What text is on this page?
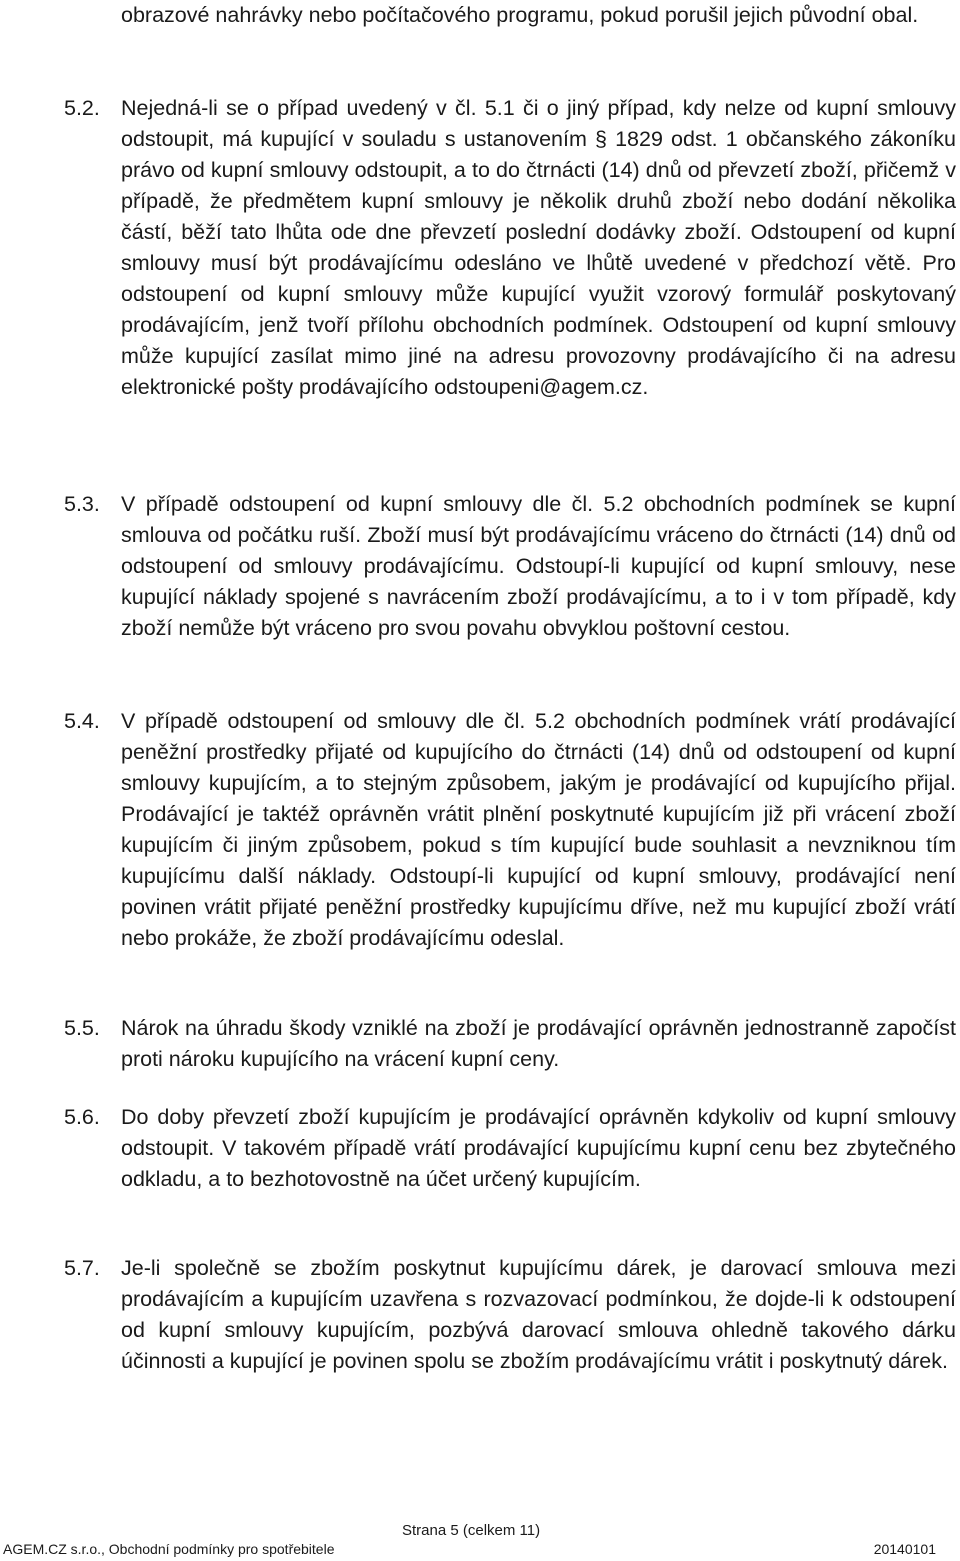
obrazové nahrávky nebo počítačového programu, pokud porušil jejich původní obal.
5.2. Nejedná-li se o případ uvedený v čl. 5.1 či o jiný případ, kdy nelze od kupní smlouvy odstoupit, má kupující v souladu s ustanovením § 1829 odst. 1 občanského zákoníku právo od kupní smlouvy odstoupit, a to do čtrnácti (14) dnů od převzetí zboží, přičemž v případě, že předmětem kupní smlouvy je několik druhů zboží nebo dodání několika částí, běží tato lhůta ode dne převzetí poslední dodávky zboží. Odstoupení od kupní smlouvy musí být prodávajícímu odesláno ve lhůtě uvedené v předchozí větě. Pro odstoupení od kupní smlouvy může kupující využit vzorový formulář poskytovaný prodávajícím, jenž tvoří přílohu obchodních podmínek. Odstoupení od kupní smlouvy může kupující zasílat mimo jiné na adresu provozovny prodávajícího či na adresu elektronické pošty prodávajícího odstoupeni@agem.cz.
5.3. V případě odstoupení od kupní smlouvy dle čl. 5.2 obchodních podmínek se kupní smlouva od počátku ruší. Zboží musí být prodávajícímu vráceno do čtrnácti (14) dnů od odstoupení od smlouvy prodávajícímu. Odstoupí-li kupující od kupní smlouvy, nese kupující náklady spojené s navrácením zboží prodávajícímu, a to i v tom případě, kdy zboží nemůže být vráceno pro svou povahu obvyklou poštovní cestou.
5.4. V případě odstoupení od smlouvy dle čl. 5.2 obchodních podmínek vrátí prodávající peněžní prostředky přijaté od kupujícího do čtrnácti (14) dnů od odstoupení od kupní smlouvy kupujícím, a to stejným způsobem, jakým je prodávající od kupujícího přijal. Prodávající je taktéž oprávněn vrátit plnění poskytnuté kupujícím již při vrácení zboží kupujícím či jiným způsobem, pokud s tím kupující bude souhlasit a nevzniknou tím kupujícímu další náklady. Odstoupí-li kupující od kupní smlouvy, prodávající není povinen vrátit přijaté peněžní prostředky kupujícímu dříve, než mu kupující zboží vrátí nebo prokáže, že zboží prodávajícímu odeslal.
5.5. Nárok na úhradu škody vzniklé na zboží je prodávající oprávněn jednostranně započíst proti nároku kupujícího na vrácení kupní ceny.
5.6. Do doby převzetí zboží kupujícím je prodávající oprávněn kdykoliv od kupní smlouvy odstoupit. V takovém případě vrátí prodávající kupujícímu kupní cenu bez zbytečného odkladu, a to bezhotovostně na účet určený kupujícím.
5.7. Je-li společně se zbožím poskytnut kupujícímu dárek, je darovací smlouva mezi prodávajícím a kupujícím uzavřena s rozvazovací podmínkou, že dojde-li k odstoupení od kupní smlouvy kupujícím, pozbývá darovací smlouva ohledně takového dárku účinnosti a kupující je povinen spolu se zbožím prodávajícímu vrátit i poskytnutý dárek.
Strana 5 (celkem 11)
AGEM.CZ s.r.o., Obchodní podmínky pro spotřebitele	20140101
